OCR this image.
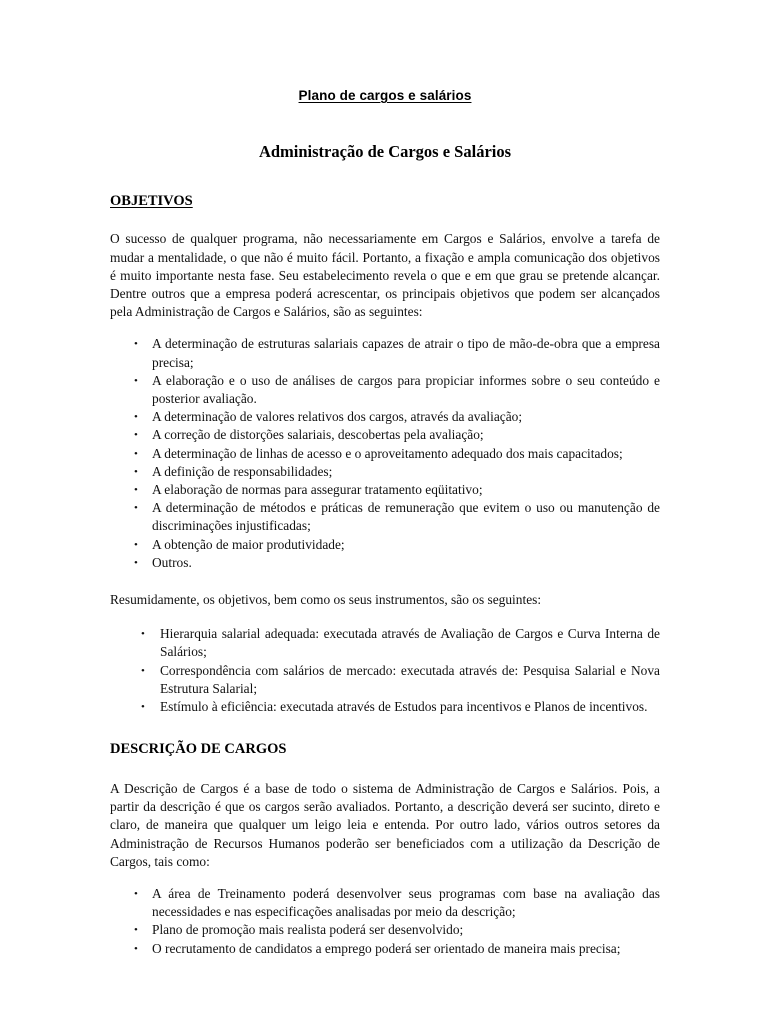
Plano de cargos e salários
Administração de Cargos e Salários
OBJETIVOS

O sucesso de qualquer programa, não necessariamente em Cargos e Salários, envolve a tarefa de mudar a mentalidade, o que não é muito fácil. Portanto, a fixação e ampla comunicação dos objetivos é muito importante nesta fase. Seu estabelecimento revela o que e em que grau se pretende alcançar. Dentre outros que a empresa poderá acrescentar, os principais objetivos que podem ser alcançados pela Administração de Cargos e Salários, são as seguintes:

• A determinação de estruturas salariais capazes de atrair o tipo de mão-de-obra que a empresa precisa;
• A elaboração e o uso de análises de cargos para propiciar informes sobre o seu conteúdo e posterior avaliação.
• A determinação de valores relativos dos cargos, através da avaliação;
• A correção de distorções salariais, descobertas pela avaliação;
• A determinação de linhas de acesso e o aproveitamento adequado dos mais capacitados;
• A definição de responsabilidades;
• A elaboração de normas para assegurar tratamento eqüitativo;
• A determinação de métodos e práticas de remuneração que evitem o uso ou manutenção de discriminações injustificadas;
• A obtenção de maior produtividade;
• Outros.

Resumidamente, os objetivos, bem como os seus instrumentos, são os seguintes:

• Hierarquia salarial adequada: executada através de Avaliação de Cargos e Curva Interna de Salários;
• Correspondência com salários de mercado: executada através de: Pesquisa Salarial e Nova Estrutura Salarial;
• Estímulo à eficiência: executada através de Estudos para incentivos e Planos de incentivos.
DESCRIÇÃO DE CARGOS

A Descrição de Cargos é a base de todo o sistema de Administração de Cargos e Salários. Pois, a partir da descrição é que os cargos serão avaliados. Portanto, a descrição deverá ser sucinto, direto e claro, de maneira que qualquer um leigo leia e entenda. Por outro lado, vários outros setores da Administração de Recursos Humanos poderão ser beneficiados com a utilização da Descrição de Cargos, tais como:

• A área de Treinamento poderá desenvolver seus programas com base na avaliação das necessidades e nas especificações analisadas por meio da descrição;
• Plano de promoção mais realista poderá ser desenvolvido;
• O recrutamento de candidatos a emprego poderá ser orientado de maneira mais precisa;
